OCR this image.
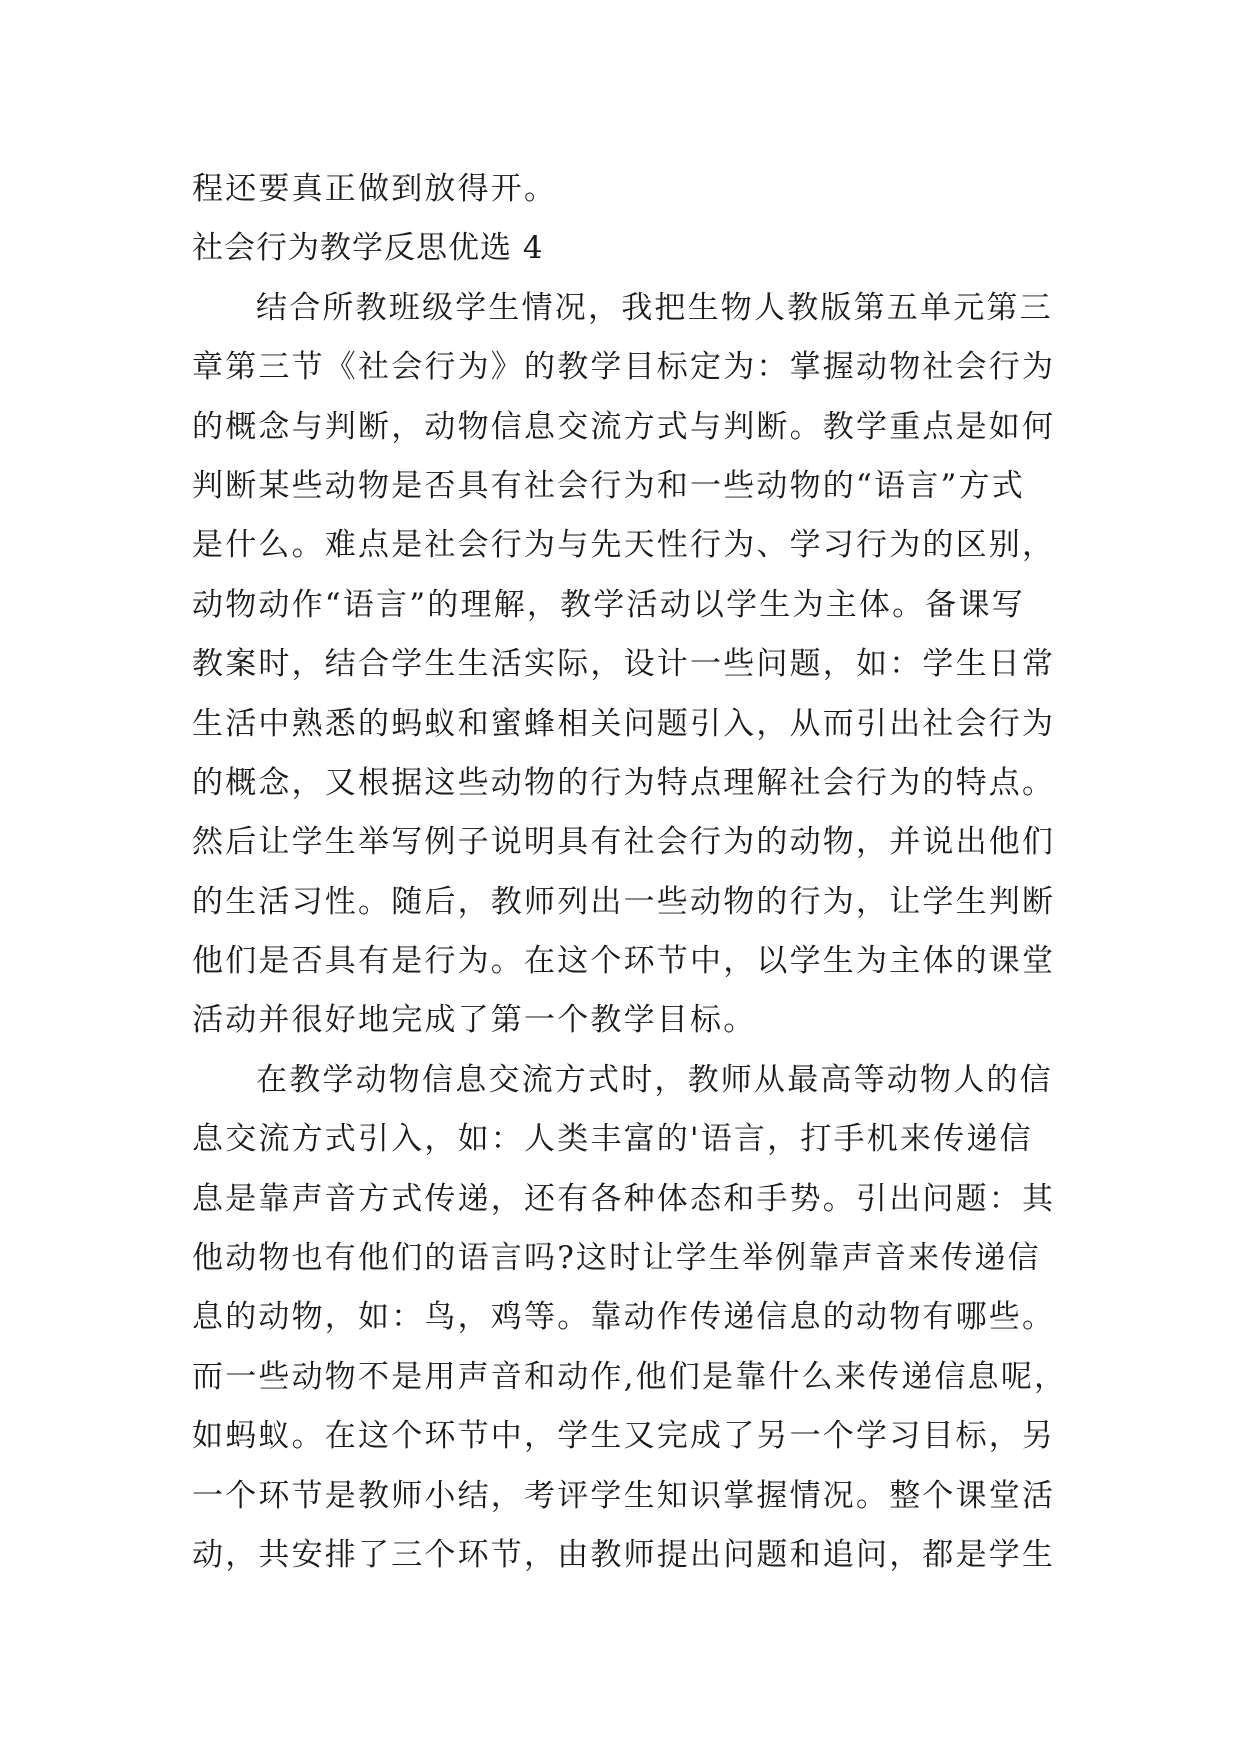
程还要真正做到放得开。
社会行为教学反思优选 4
结合所教班级学生情况，我把生物人教版第五单元第三
章第三节《社会行为》的教学目标定为：掌握动物社会行为
的概念与判断，动物信息交流方式与判断。教学重点是如何
判断某些动物是否具有社会行为和一些动物的“语言”方式
是什么。难点是社会行为与先天性行为、学习行为的区别，
动物动作“语言”的理解，教学活动以学生为主体。备课写
教案时，结合学生生活实际，设计一些问题，如：学生日常
生活中熟悉的蚂蚁和蜜蜂相关问题引入，从而引出社会行为
的概念，又根据这些动物的行为特点理解社会行为的特点。
然后让学生举写例子说明具有社会行为的动物，并说出他们
的生活习性。随后，教师列出一些动物的行为，让学生判断
他们是否具有是行为。在这个环节中，以学生为主体的课堂
活动并很好地完成了第一个教学目标。
在教学动物信息交流方式时，教师从最高等动物人的信
息交流方式引入，如：人类丰富的'语言，打手机来传递信
息是靠声音方式传递，还有各种体态和手势。引出问题：其
他动物也有他们的语言吗?这时让学生举例靠声音来传递信
息的动物，如：鸟，鸡等。靠动作传递信息的动物有哪些。
而一些动物不是用声音和动作,他们是靠什么来传递信息呢，
如蚂蚁。在这个环节中，学生又完成了另一个学习目标，另
一个环节是教师小结，考评学生知识掌握情况。整个课堂活
动，共安排了三个环节，由教师提出问题和追问，都是学生
